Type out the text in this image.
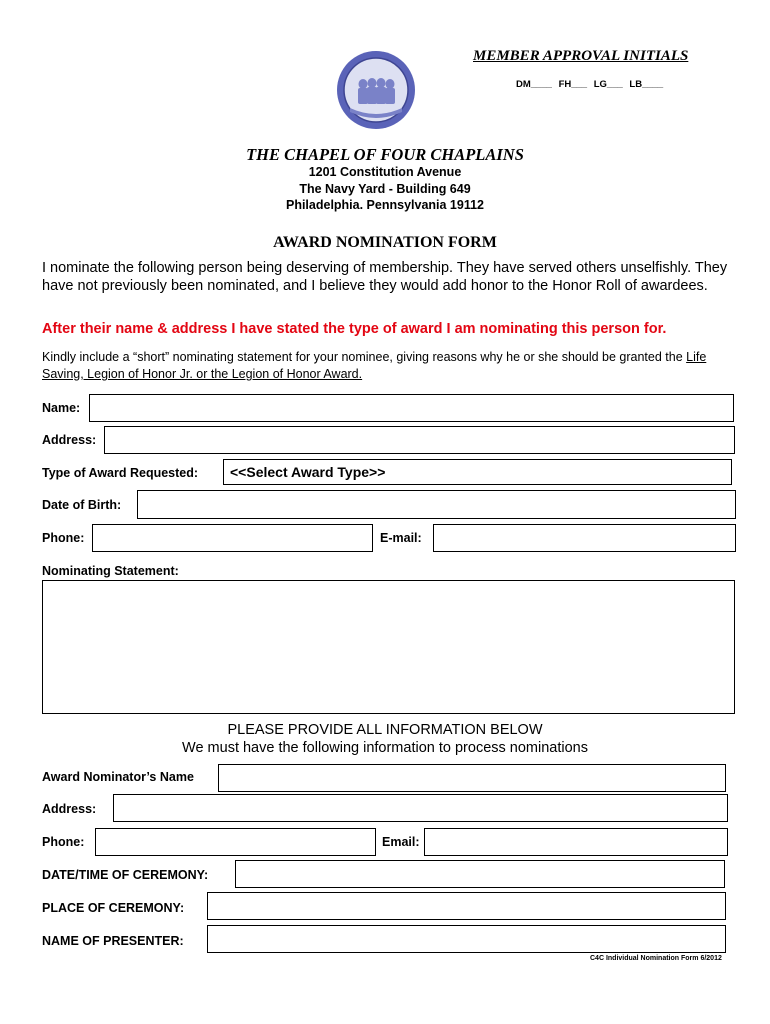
MEMBER APPROVAL INITIALS
DM____ FH___ LG___ LB____
THE CHAPEL OF FOUR CHAPLAINS
1201 Constitution Avenue
The Navy Yard - Building 649
Philadelphia. Pennsylvania 19112
AWARD NOMINATION FORM
I nominate the following person being deserving of membership. They have served others unselfishly. They have not previously been nominated, and I believe they would add honor to the Honor Roll of awardees.
After their name & address I have stated the type of award I am nominating this person for.
Kindly include a “short” nominating statement for your nominee, giving reasons why he or she should be granted the Life Saving, Legion of Honor Jr. or the Legion of Honor Award.
Name:
Address:
Type of Award Requested:	<<Select Award Type>>
Date of Birth:
Phone:	E-mail:
Nominating Statement:
PLEASE PROVIDE ALL INFORMATION BELOW
We must have the following information to process nominations
Award Nominator’s Name
Address:
Phone:	Email:
DATE/TIME OF CEREMONY:
PLACE OF CEREMONY:
NAME OF PRESENTER:
C4C Individual Nomination Form 6/2012
